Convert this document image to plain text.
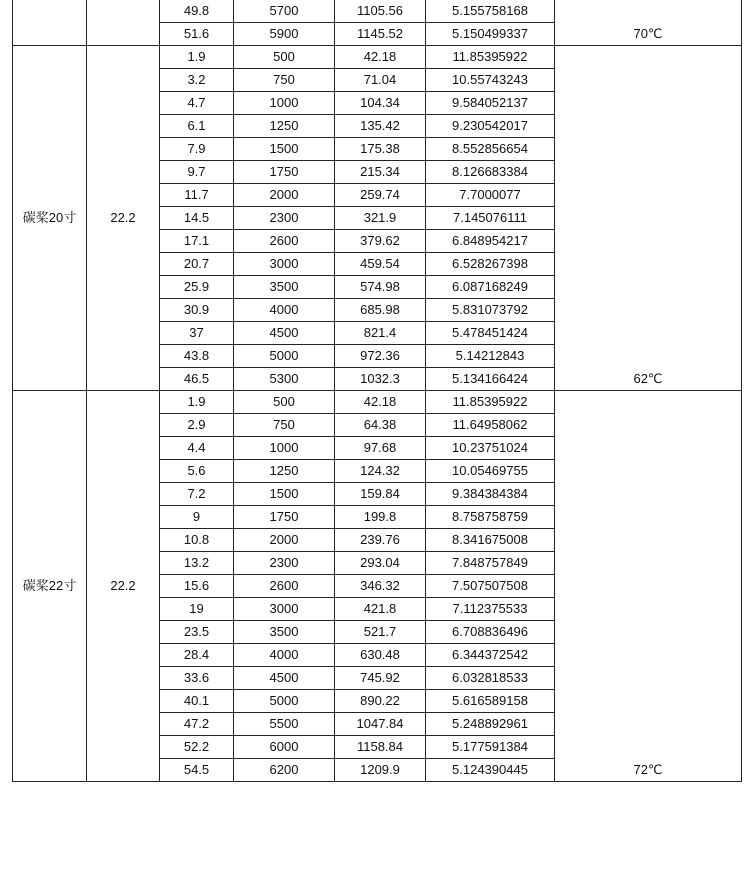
		49.8	5700	1105.56	5.155758168	70℃
		51.6	5900	1145.52	5.150499337	
碳桨20寸	22.2	1.9	500	42.18	11.85395922	62℃
		3.2	750	71.04	10.55743243	
		4.7	1000	104.34	9.584052137	
		6.1	1250	135.42	9.230542017	
		7.9	1500	175.38	8.552856654	
		9.7	1750	215.34	8.126683384	
		11.7	2000	259.74	7.7000077	
		14.5	2300	321.9	7.145076111	
		17.1	2600	379.62	6.848954217	
		20.7	3000	459.54	6.528267398	
		25.9	3500	574.98	6.087168249	
		30.9	4000	685.98	5.831073792	
		37	4500	821.4	5.478451424	
		43.8	5000	972.36	5.14212843	
		46.5	5300	1032.3	5.134166424	
碳桨22寸	22.2	1.9	500	42.18	11.85395922	72℃
		2.9	750	64.38	11.64958062	
		4.4	1000	97.68	10.23751024	
		5.6	1250	124.32	10.05469755	
		7.2	1500	159.84	9.384384384	
		9	1750	199.8	8.758758759	
		10.8	2000	239.76	8.341675008	
		13.2	2300	293.04	7.848757849	
		15.6	2600	346.32	7.507507508	
		19	3000	421.8	7.112375533	
		23.5	3500	521.7	6.708836496	
		28.4	4000	630.48	6.344372542	
		33.6	4500	745.92	6.032818533	
		40.1	5000	890.22	5.616589158	
		47.2	5500	1047.84	5.248892961	
		52.2	6000	1158.84	5.177591384	
		54.5	6200	1209.9	5.124390445	
